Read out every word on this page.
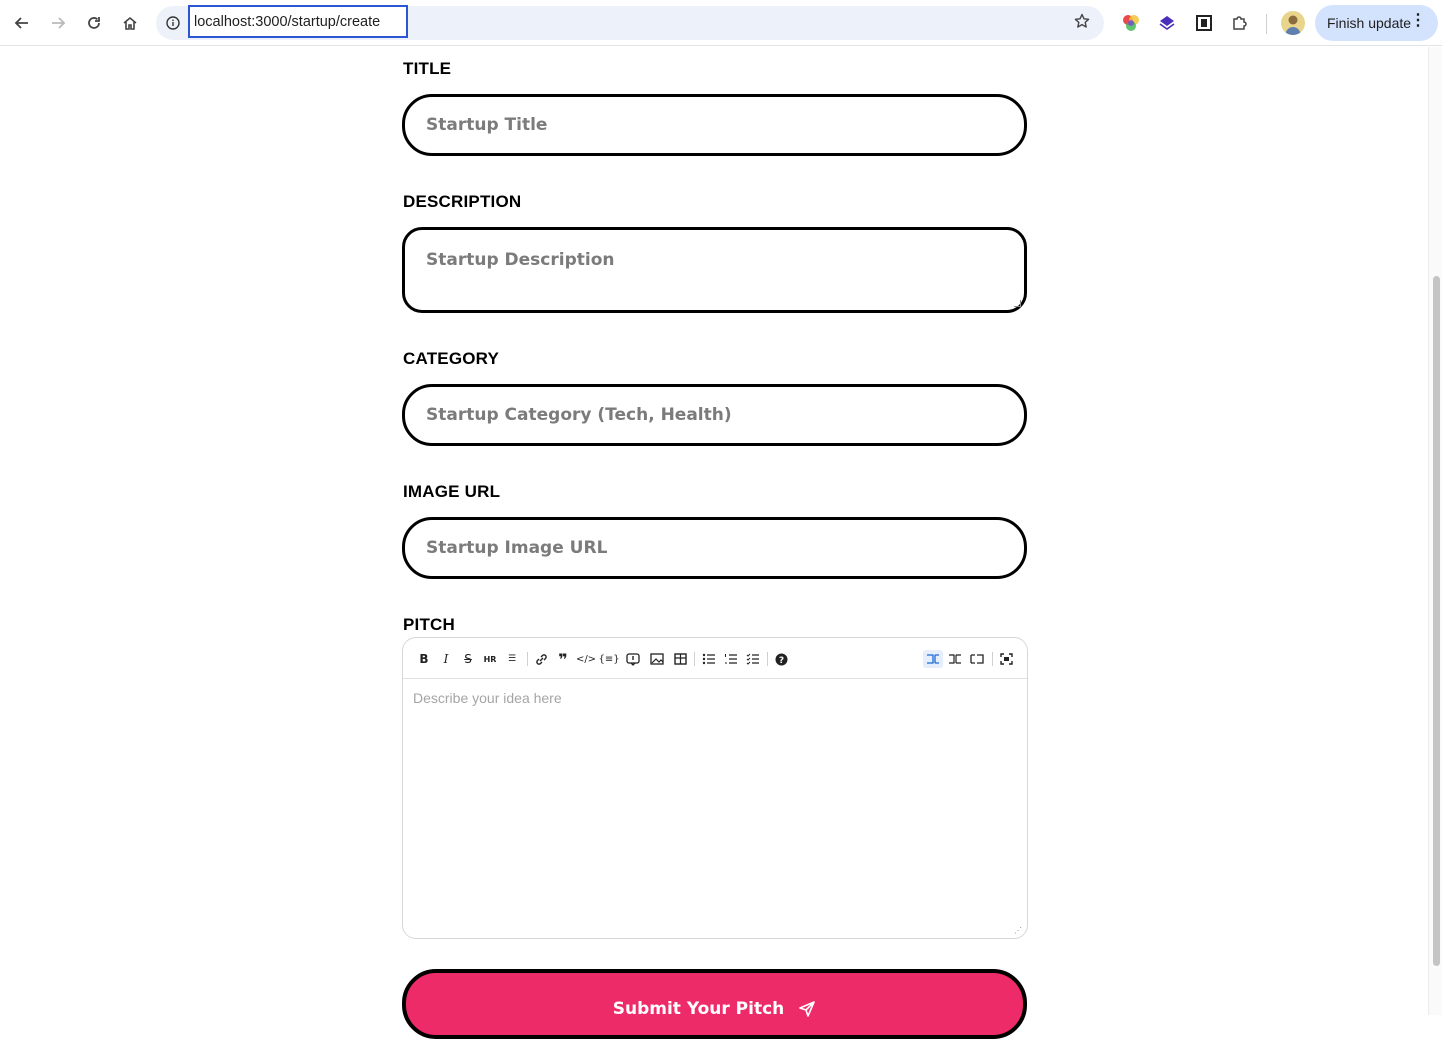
localhost:3000/startup/create	Finish update
⋮
TITLE
Startup Title
DESCRIPTION
Startup Description
CATEGORY
Startup Category (Tech, Health)
IMAGE URL
Startup Image URL
PITCH
B	I	S	HR	☰	❞ </> {≡}	?
Describe your idea here
⋰
Submit Your Pitch
